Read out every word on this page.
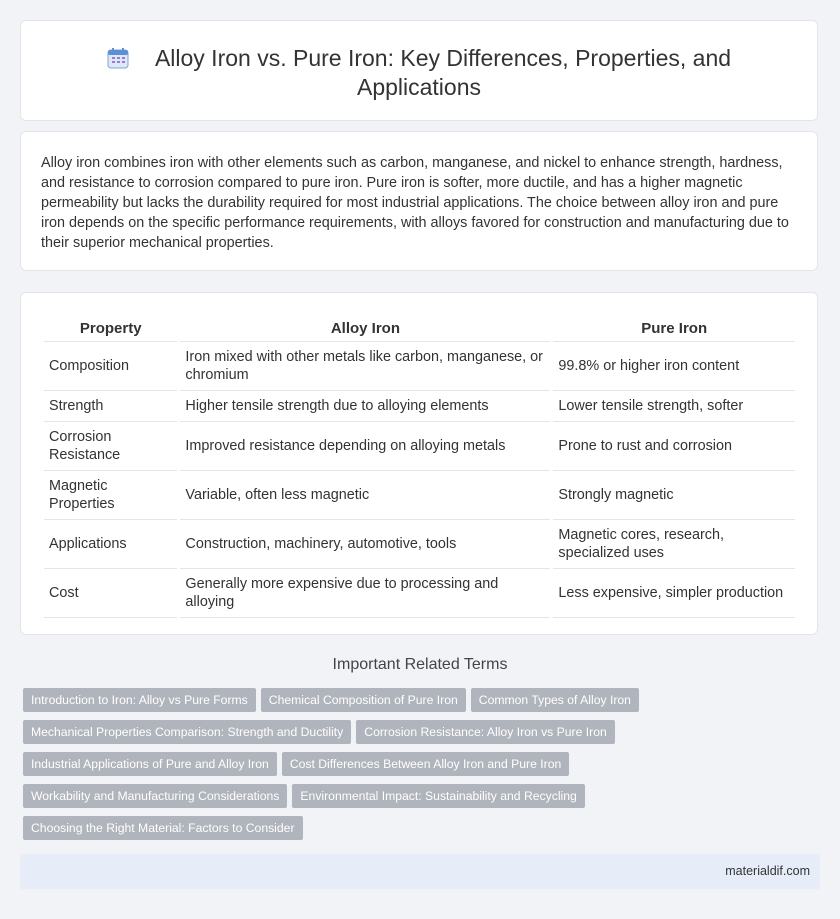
Alloy Iron vs. Pure Iron: Key Differences, Properties, and
Applications

Alloy iron combines iron with other elements such as carbon, manganese, and nickel to enhance strength, hardness, and resistance to corrosion compared to pure iron. Pure iron is softer, more ductile, and has a higher magnetic permeability but lacks the durability required for most industrial applications. The choice between alloy iron and pure iron depends on the specific performance requirements, with alloys favored for construction and manufacturing due to their superior mechanical properties.

Property	Alloy Iron	Pure Iron
Composition	Iron mixed with other metals like carbon, manganese, or chromium	99.8% or higher iron content
Strength	Higher tensile strength due to alloying elements	Lower tensile strength, softer
Corrosion Resistance	Improved resistance depending on alloying metals	Prone to rust and corrosion
Magnetic Properties	Variable, often less magnetic	Strongly magnetic
Applications	Construction, machinery, automotive, tools	Magnetic cores, research, specialized uses
Cost	Generally more expensive due to processing and alloying	Less expensive, simpler production
Important Related Terms
Introduction to Iron: Alloy vs Pure Forms Chemical Composition of Pure Iron Common Types of Alloy Iron
Mechanical Properties Comparison: Strength and Ductility Corrosion Resistance: Alloy Iron vs Pure Iron
Industrial Applications of Pure and Alloy Iron Cost Differences Between Alloy Iron and Pure Iron
Workability and Manufacturing Considerations Environmental Impact: Sustainability and Recycling
Choosing the Right Material: Factors to Consider
materialdif.com
